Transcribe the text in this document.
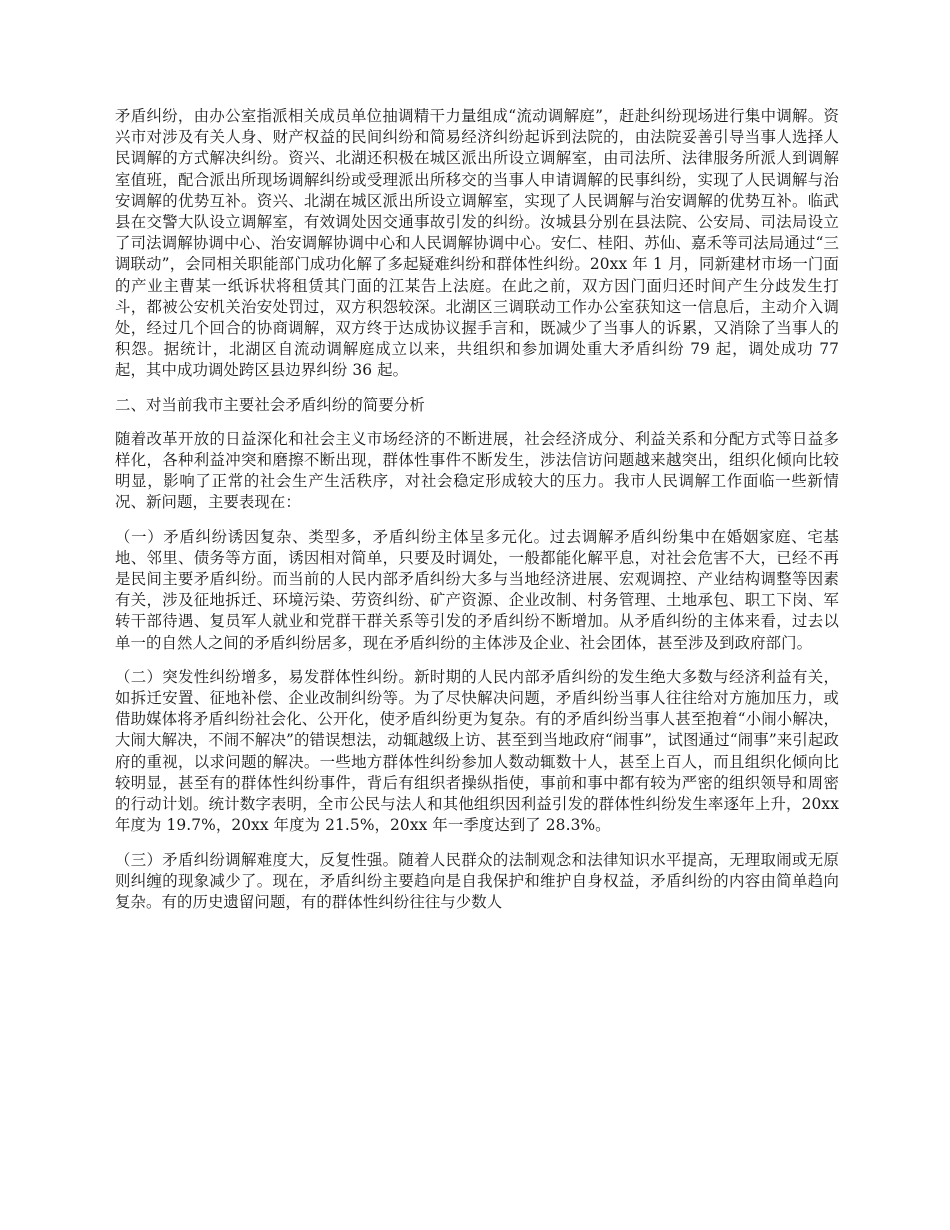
矛盾纠纷，由办公室指派相关成员单位抽调精干力量组成“流动调解庭”，赶赴纠纷现场进行集中调解。资兴市对涉及有关人身、财产权益的民间纠纷和简易经济纠纷起诉到法院的，由法院妥善引导当事人选择人民调解的方式解决纠纷。资兴、北湖还积极在城区派出所设立调解室，由司法所、法律服务所派人到调解室值班，配合派出所现场调解纠纷或受理派出所移交的当事人申请调解的民事纠纷，实现了人民调解与治安调解的优势互补。资兴、北湖在城区派出所设立调解室，实现了人民调解与治安调解的优势互补。临武县在交警大队设立调解室，有效调处因交通事故引发的纠纷。汝城县分别在县法院、公安局、司法局设立了司法调解协调中心、治安调解协调中心和人民调解协调中心。安仁、桂阳、苏仙、嘉禾等司法局通过“三调联动”，会同相关职能部门成功化解了多起疑难纠纷和群体性纠纷。20xx 年 1 月，同新建材市场一门面的产业主曹某一纸诉状将租赁其门面的江某告上法庭。在此之前，双方因门面归还时间产生分歧发生打斗，都被公安机关治安处罚过，双方积怨较深。北湖区三调联动工作办公室获知这一信息后，主动介入调处，经过几个回合的协商调解，双方终于达成协议握手言和，既减少了当事人的诉累，又消除了当事人的积怨。据统计，北湖区自流动调解庭成立以来，共组织和参加调处重大矛盾纠纷 79 起，调处成功 77 起，其中成功调处跨区县边界纠纷 36 起。

二、对当前我市主要社会矛盾纠纷的简要分析

随着改革开放的日益深化和社会主义市场经济的不断进展，社会经济成分、利益关系和分配方式等日益多样化，各种利益冲突和磨擦不断出现，群体性事件不断发生，涉法信访问题越来越突出，组织化倾向比较明显，影响了正常的社会生产生活秩序，对社会稳定形成较大的压力。我市人民调解工作面临一些新情况、新问题，主要表现在：

（一）矛盾纠纷诱因复杂、类型多，矛盾纠纷主体呈多元化。过去调解矛盾纠纷集中在婚姻家庭、宅基地、邻里、债务等方面，诱因相对简单，只要及时调处，一般都能化解平息，对社会危害不大，已经不再是民间主要矛盾纠纷。而当前的人民内部矛盾纠纷大多与当地经济进展、宏观调控、产业结构调整等因素有关，涉及征地拆迁、环境污染、劳资纠纷、矿产资源、企业改制、村务管理、土地承包、职工下岗、军转干部待遇、复员军人就业和党群干群关系等引发的矛盾纠纷不断增加。从矛盾纠纷的主体来看，过去以单一的自然人之间的矛盾纠纷居多，现在矛盾纠纷的主体涉及企业、社会团体，甚至涉及到政府部门。

（二）突发性纠纷增多，易发群体性纠纷。新时期的人民内部矛盾纠纷的发生绝大多数与经济利益有关，如拆迁安置、征地补偿、企业改制纠纷等。为了尽快解决问题，矛盾纠纷当事人往往给对方施加压力，或借助媒体将矛盾纠纷社会化、公开化，使矛盾纠纷更为复杂。有的矛盾纠纷当事人甚至抱着“小闹小解决，大闹大解决，不闹不解决”的错误想法，动辄越级上访、甚至到当地政府“闹事”，试图通过“闹事”来引起政府的重视，以求问题的解决。一些地方群体性纠纷参加人数动辄数十人，甚至上百人，而且组织化倾向比较明显，甚至有的群体性纠纷事件，背后有组织者操纵指使，事前和事中都有较为严密的组织领导和周密的行动计划。统计数字表明，全市公民与法人和其他组织因利益引发的群体性纠纷发生率逐年上升，20xx 年度为 19.7%，20xx 年度为 21.5%，20xx 年一季度达到了 28.3%。

（三）矛盾纠纷调解难度大，反复性强。随着人民群众的法制观念和法律知识水平提高，无理取闹或无原则纠缠的现象减少了。现在，矛盾纠纷主要趋向是自我保护和维护自身权益，矛盾纠纷的内容由简单趋向复杂。有的历史遗留问题，有的群体性纠纷往往与少数人
